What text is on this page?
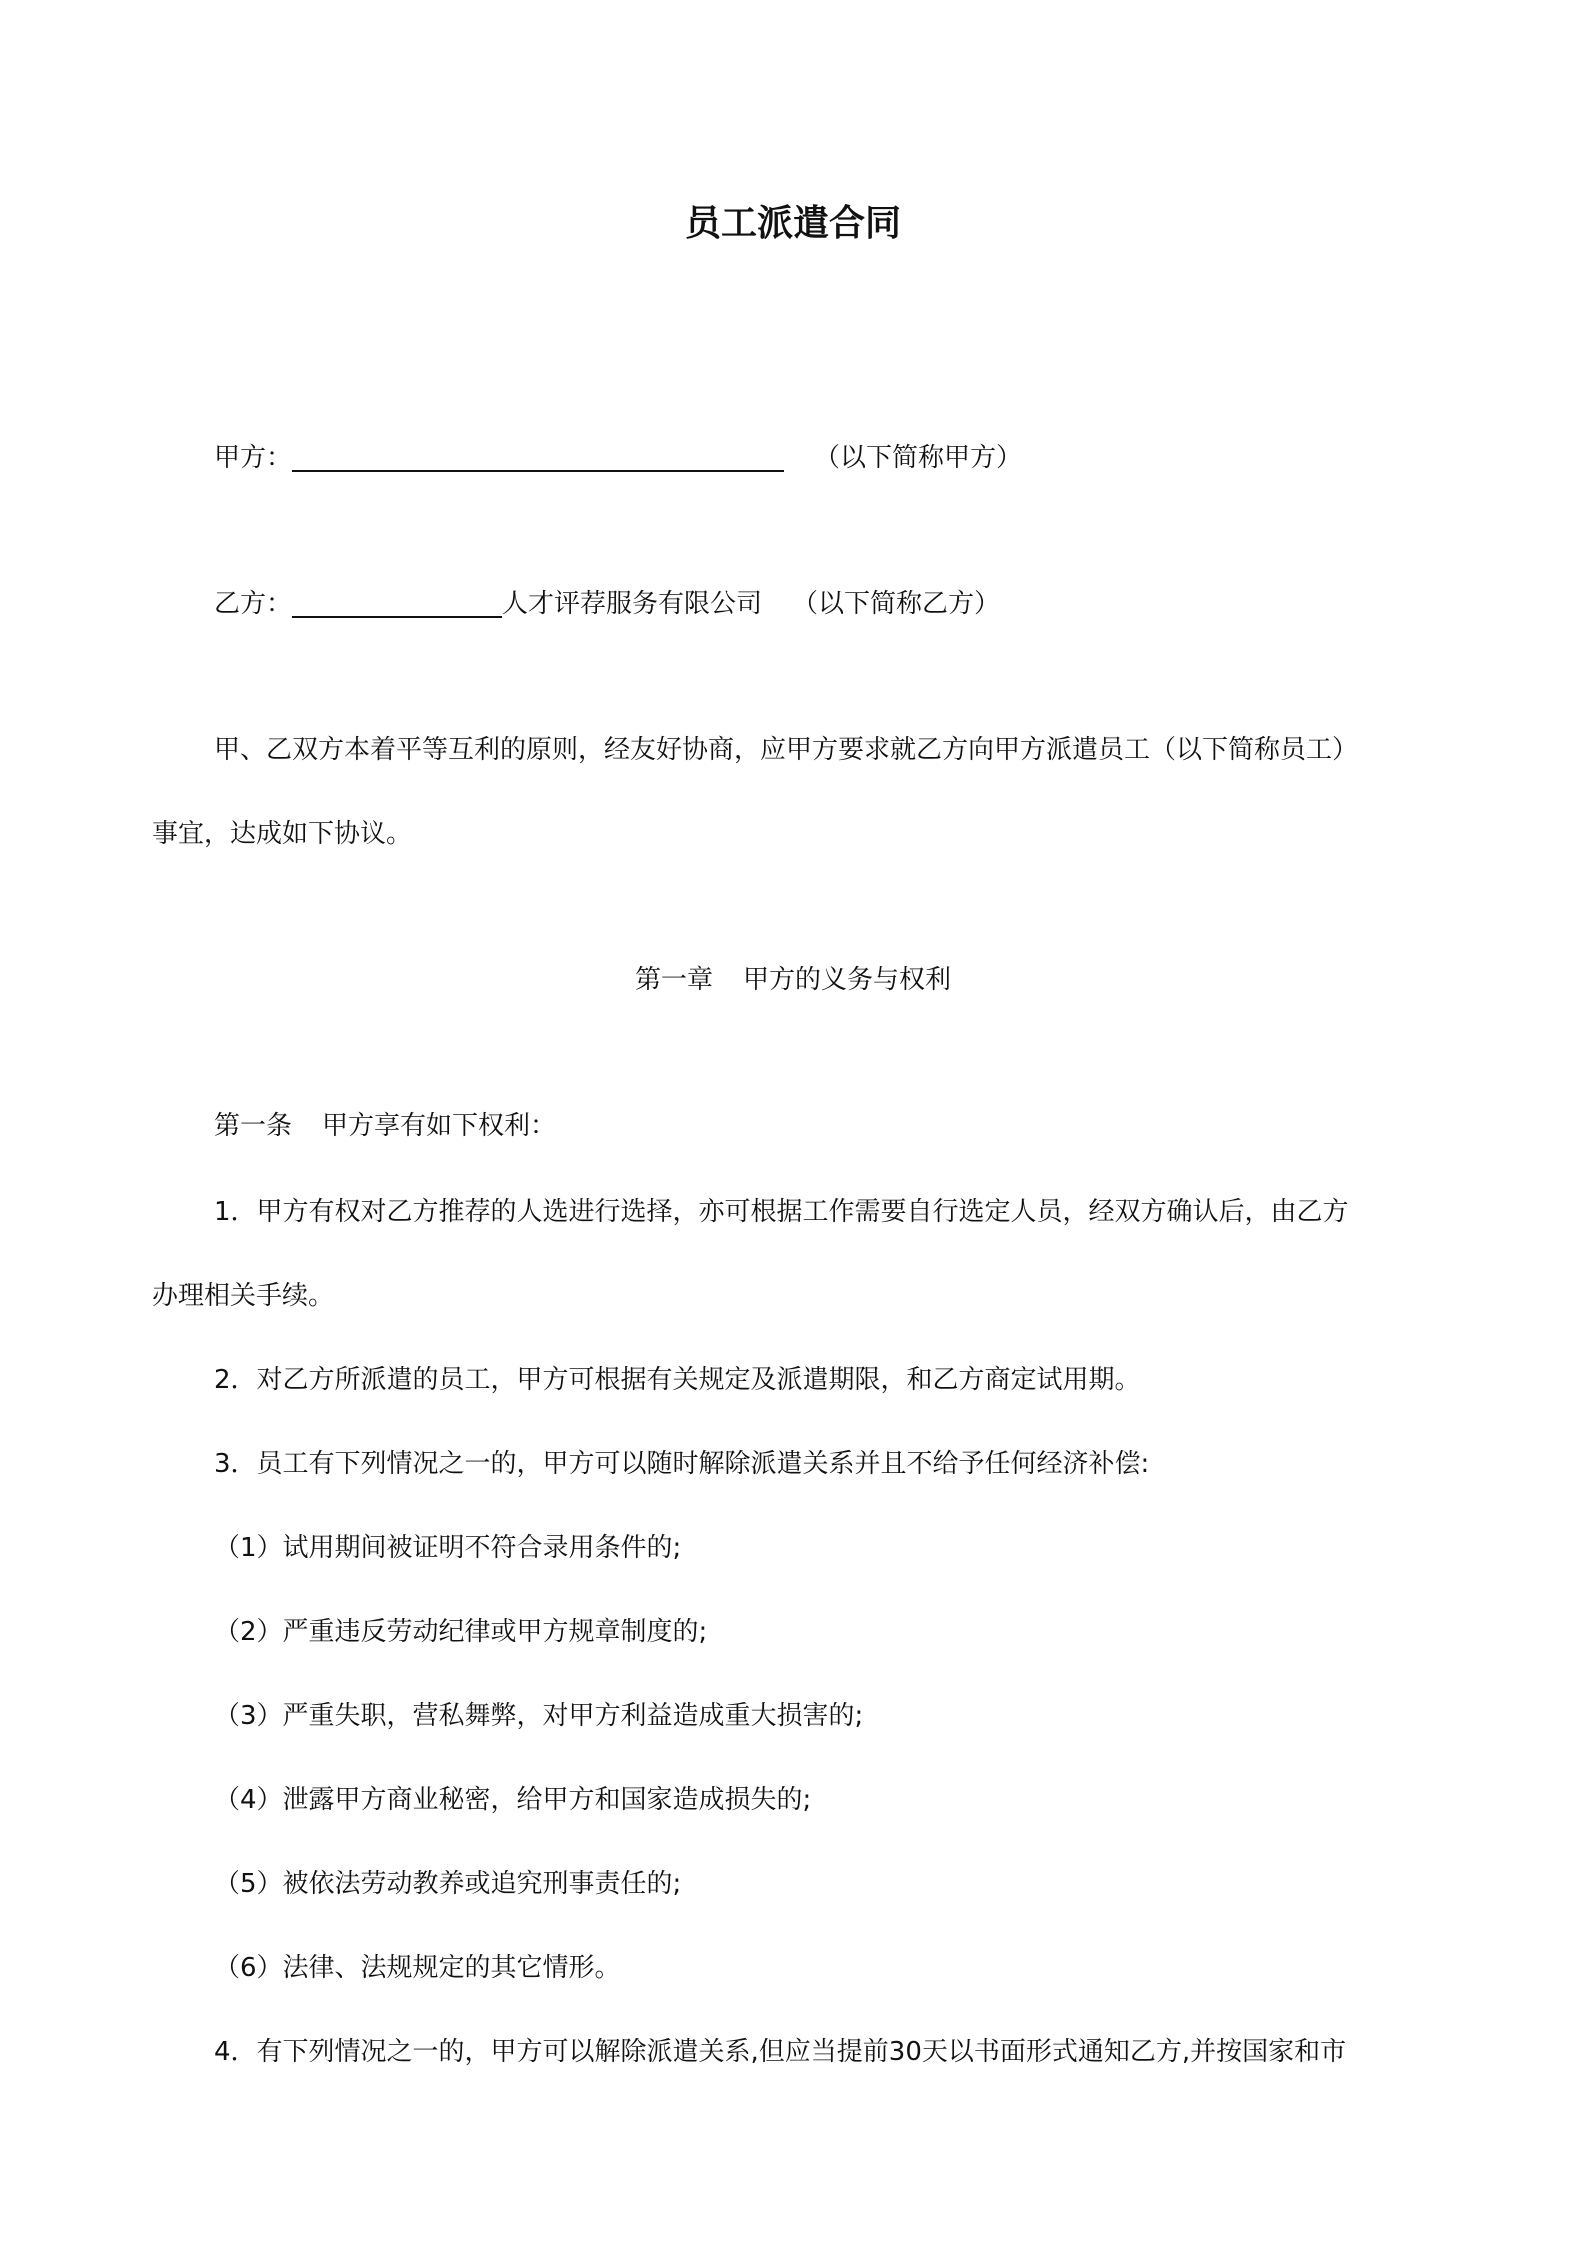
员工派遣合同
甲方：	（以下简称甲方）
乙方：	人才评荐服务有限公司 （以下简称乙方）
甲、乙双方本着平等互利的原则，经友好协商，应甲方要求就乙方向甲方派遣员工（以下简称员工）
事宜，达成如下协议。
第一章 甲方的义务与权利
第一条 甲方享有如下权利：
1．甲方有权对乙方推荐的人选进行选择，亦可根据工作需要自行选定人员，经双方确认后，由乙方
办理相关手续。
2．对乙方所派遣的员工，甲方可根据有关规定及派遣期限，和乙方商定试用期。
3．员工有下列情况之一的，甲方可以随时解除派遣关系并且不给予任何经济补偿:
（1）试用期间被证明不符合录用条件的;
（2）严重违反劳动纪律或甲方规章制度的;
（3）严重失职，营私舞弊，对甲方利益造成重大损害的;
（4）泄露甲方商业秘密，给甲方和国家造成损失的;
（5）被依法劳动教养或追究刑事责任的;
（6）法律、法规规定的其它情形。
4．有下列情况之一的，甲方可以解除派遣关系,但应当提前30天以书面形式通知乙方,并按国家和市
